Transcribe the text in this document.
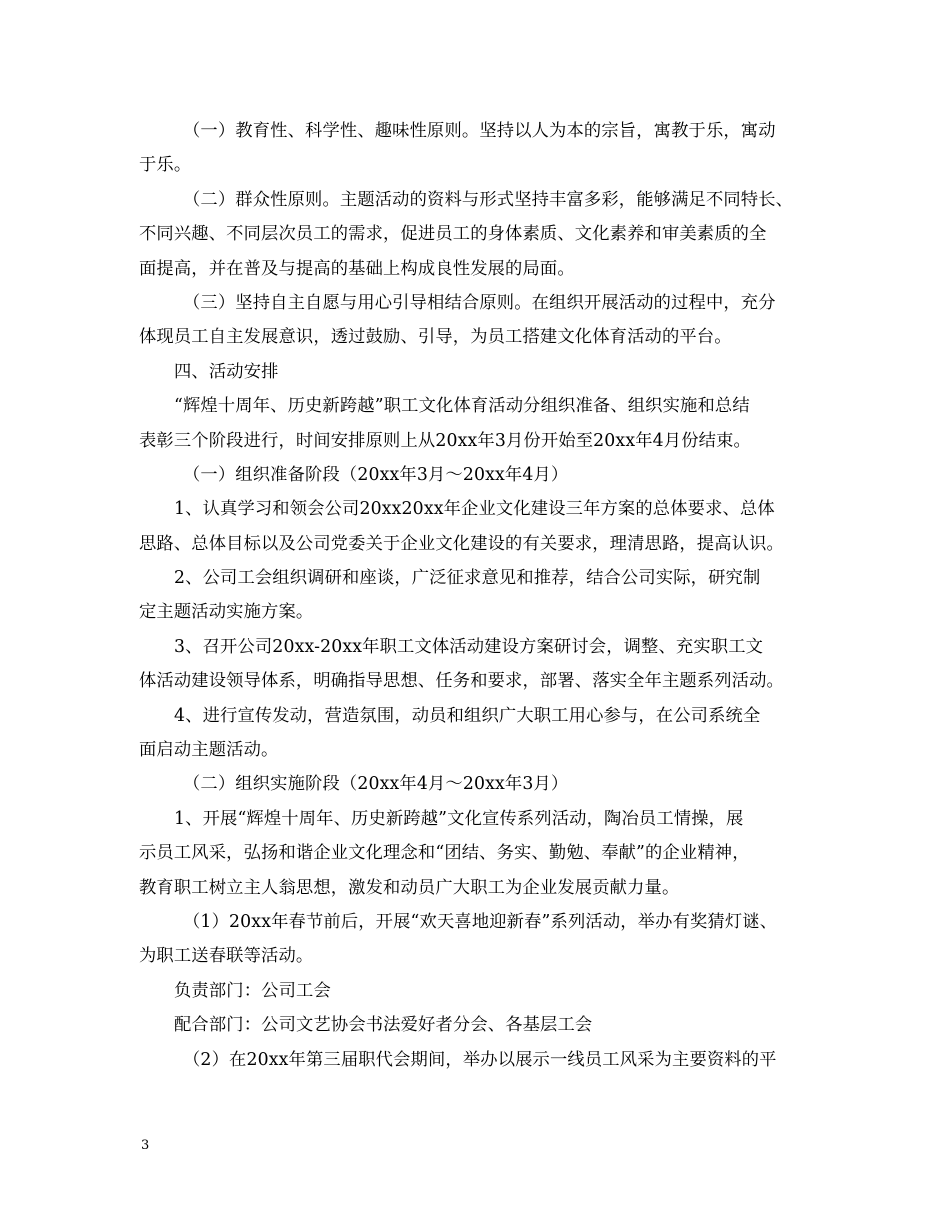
（一）教育性、科学性、趣味性原则。坚持以人为本的宗旨，寓教于乐，寓动
于乐。
（二）群众性原则。主题活动的资料与形式坚持丰富多彩，能够满足不同特长、
不同兴趣、不同层次员工的需求，促进员工的身体素质、文化素养和审美素质的全
面提高，并在普及与提高的基础上构成良性发展的局面。
（三）坚持自主自愿与用心引导相结合原则。在组织开展活动的过程中，充分
体现员工自主发展意识，透过鼓励、引导，为员工搭建文化体育活动的平台。
四、活动安排
“辉煌十周年、历史新跨越”职工文化体育活动分组织准备、组织实施和总结
表彰三个阶段进行，时间安排原则上从20xx年3月份开始至20xx年4月份结束。
（一）组织准备阶段（20xx年3月～20xx年4月）
1、认真学习和领会公司20xx20xx年企业文化建设三年方案的总体要求、总体
思路、总体目标以及公司党委关于企业文化建设的有关要求，理清思路，提高认识。
2、公司工会组织调研和座谈，广泛征求意见和推荐，结合公司实际，研究制
定主题活动实施方案。
3、召开公司20xx-20xx年职工文体活动建设方案研讨会，调整、充实职工文
体活动建设领导体系，明确指导思想、任务和要求，部署、落实全年主题系列活动。
4、进行宣传发动，营造氛围，动员和组织广大职工用心参与，在公司系统全
面启动主题活动。
（二）组织实施阶段（20xx年4月～20xx年3月）
1、开展“辉煌十周年、历史新跨越”文化宣传系列活动，陶冶员工情操，展
示员工风采，弘扬和谐企业文化理念和“团结、务实、勤勉、奉献”的企业精神，
教育职工树立主人翁思想，激发和动员广大职工为企业发展贡献力量。
（1）20xx年春节前后，开展“欢天喜地迎新春”系列活动，举办有奖猜灯谜、
为职工送春联等活动。
负责部门：公司工会
配合部门：公司文艺协会书法爱好者分会、各基层工会
（2）在20xx年第三届职代会期间，举办以展示一线员工风采为主要资料的平
3
